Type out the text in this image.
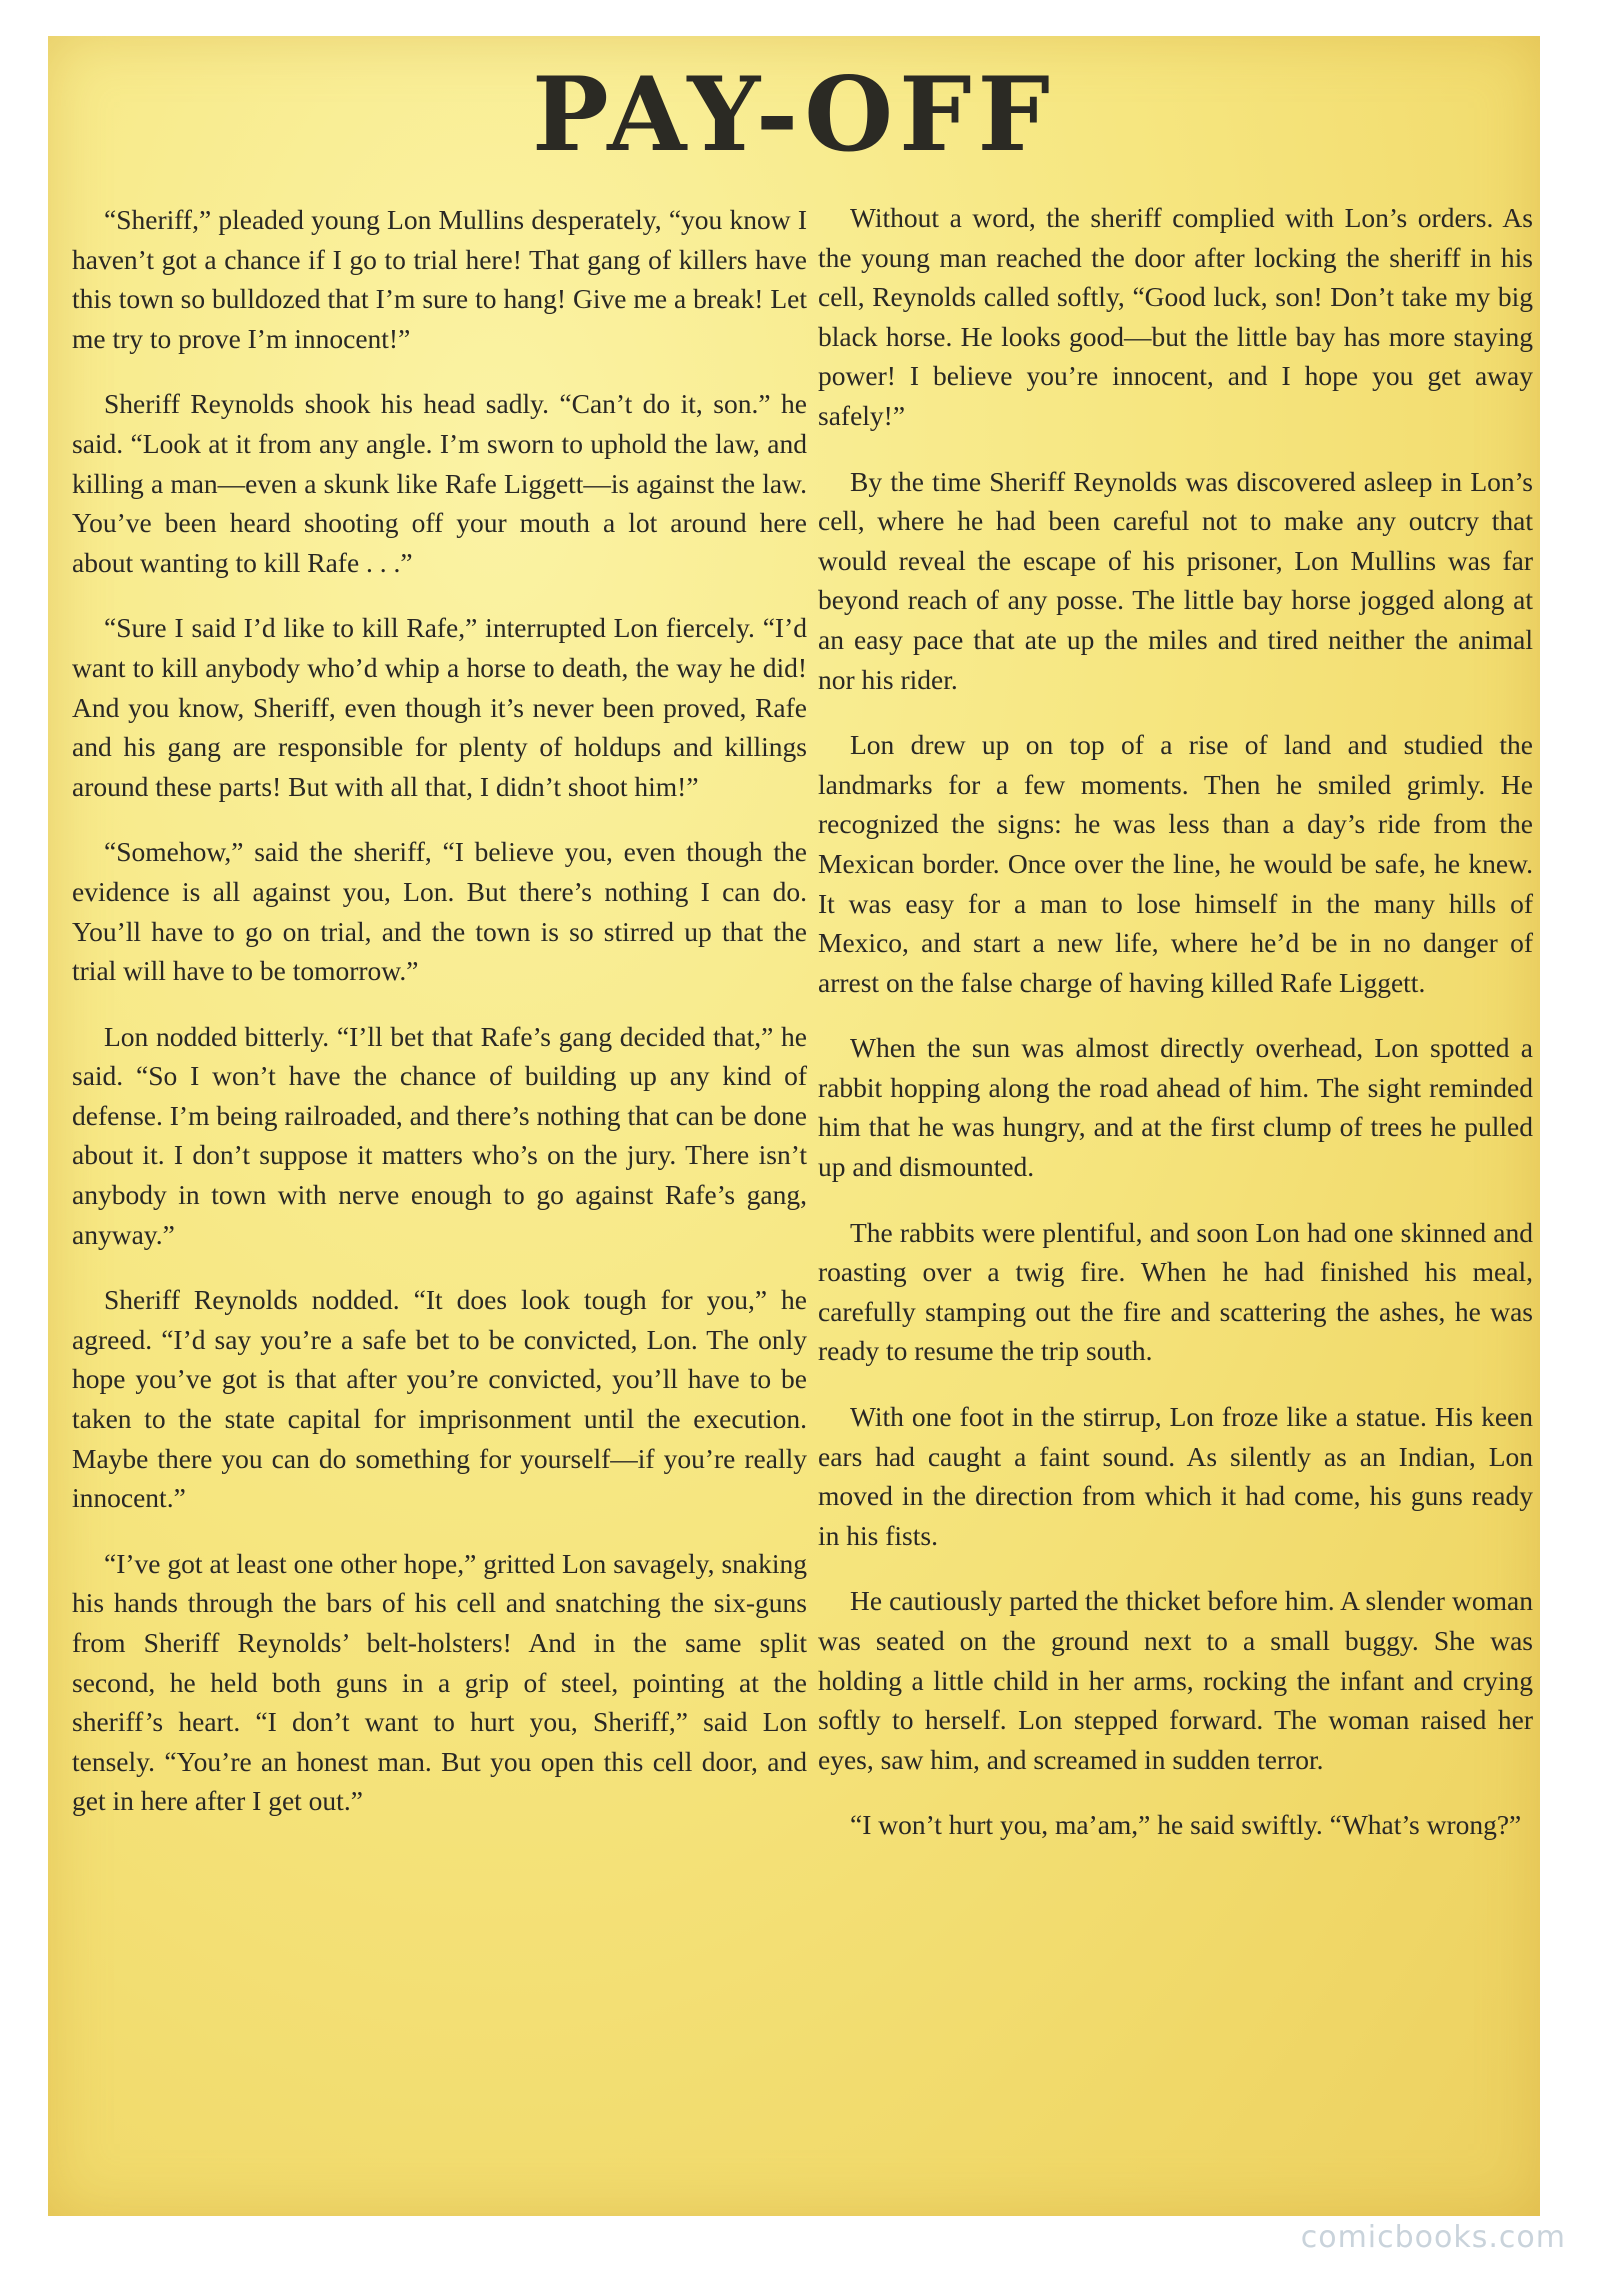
PAY-OFF

“Sheriff,” pleaded young Lon Mullins desperately, “you know I haven’t got a chance if I go to trial here! That gang of killers have this town so bulldozed that I’m sure to hang! Give me a break! Let me try to prove I’m innocent!”

Sheriff Reynolds shook his head sadly. “Can’t do it, son.” he said. “Look at it from any angle. I’m sworn to uphold the law, and killing a man—even a skunk like Rafe Liggett—is against the law. You’ve been heard shooting off your mouth a lot around here about wanting to kill Rafe . . .”

“Sure I said I’d like to kill Rafe,” interrupted Lon fiercely. “I’d want to kill anybody who’d whip a horse to death, the way he did! And you know, Sheriff, even though it’s never been proved, Rafe and his gang are responsible for plenty of holdups and killings around these parts! But with all that, I didn’t shoot him!”

“Somehow,” said the sheriff, “I believe you, even though the evidence is all against you, Lon. But there’s nothing I can do. You’ll have to go on trial, and the town is so stirred up that the trial will have to be tomorrow.”

Lon nodded bitterly. “I’ll bet that Rafe’s gang decided that,” he said. “So I won’t have the chance of building up any kind of defense. I’m being railroaded, and there’s nothing that can be done about it. I don’t suppose it matters who’s on the jury. There isn’t anybody in town with nerve enough to go against Rafe’s gang, anyway.”

Sheriff Reynolds nodded. “It does look tough for you,” he agreed. “I’d say you’re a safe bet to be convicted, Lon. The only hope you’ve got is that after you’re convicted, you’ll have to be taken to the state capital for imprisonment until the execution. Maybe there you can do something for yourself—if you’re really innocent.”

“I’ve got at least one other hope,” gritted Lon savagely, snaking his hands through the bars of his cell and snatching the six-guns from Sheriff Reynolds’ belt-holsters! And in the same split second, he held both guns in a grip of steel, pointing at the sheriff’s heart. “I don’t want to hurt you, Sheriff,” said Lon tensely. “You’re an honest man. But you open this cell door, and get in here after I get out.”

Without a word, the sheriff complied with Lon’s orders. As the young man reached the door after locking the sheriff in his cell, Reynolds called softly, “Good luck, son! Don’t take my big black horse. He looks good—but the little bay has more staying power! I believe you’re innocent, and I hope you get away safely!”

By the time Sheriff Reynolds was discovered asleep in Lon’s cell, where he had been careful not to make any outcry that would reveal the escape of his prisoner, Lon Mullins was far beyond reach of any posse. The little bay horse jogged along at an easy pace that ate up the miles and tired neither the animal nor his rider.

Lon drew up on top of a rise of land and studied the landmarks for a few moments. Then he smiled grimly. He recognized the signs: he was less than a day’s ride from the Mexican border. Once over the line, he would be safe, he knew. It was easy for a man to lose himself in the many hills of Mexico, and start a new life, where he’d be in no danger of arrest on the false charge of having killed Rafe Liggett.

When the sun was almost directly overhead, Lon spotted a rabbit hopping along the road ahead of him. The sight reminded him that he was hungry, and at the first clump of trees he pulled up and dismounted.

The rabbits were plentiful, and soon Lon had one skinned and roasting over a twig fire. When he had finished his meal, carefully stamping out the fire and scattering the ashes, he was ready to resume the trip south.

With one foot in the stirrup, Lon froze like a statue. His keen ears had caught a faint sound. As silently as an Indian, Lon moved in the direction from which it had come, his guns ready in his fists.

He cautiously parted the thicket before him. A slender woman was seated on the ground next to a small buggy. She was holding a little child in her arms, rocking the infant and crying softly to herself. Lon stepped forward. The woman raised her eyes, saw him, and screamed in sudden terror.

“I won’t hurt you, ma’am,” he said swiftly. “What’s wrong?”

comicbooks.com
